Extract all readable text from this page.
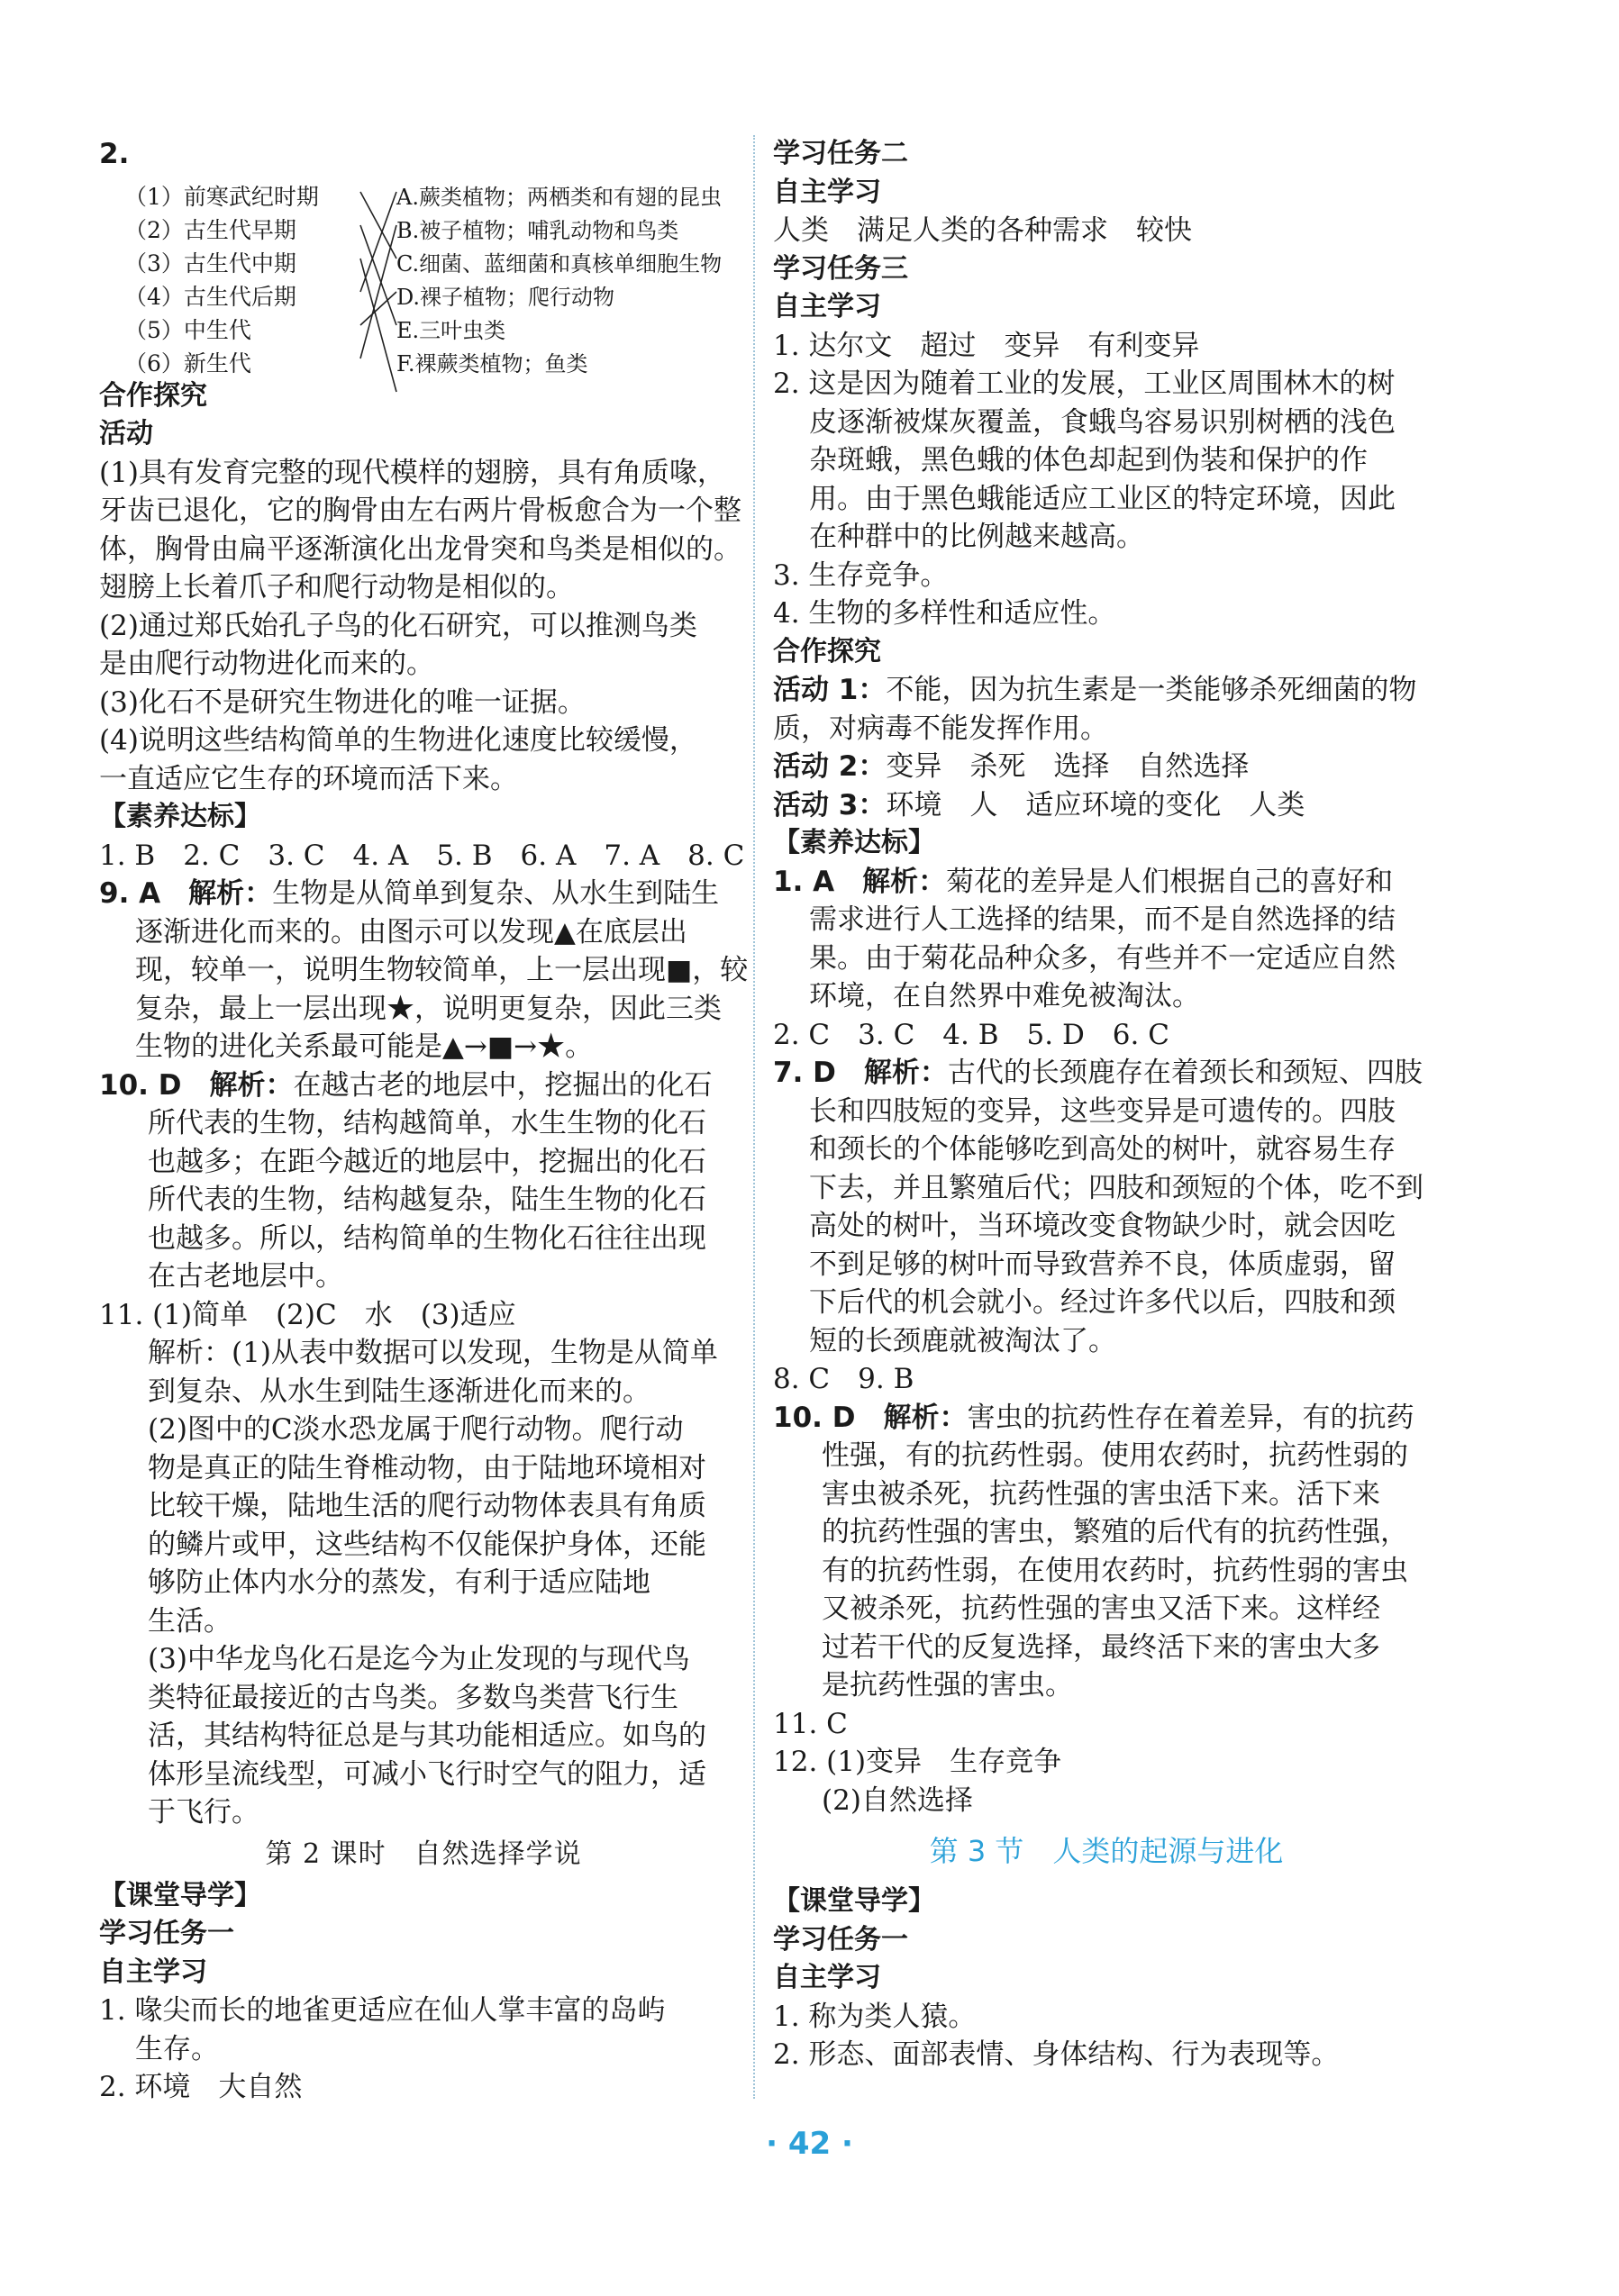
2.
（1）前寒武纪时期
（2）古生代早期
（3）古生代中期
（4）古生代后期
（5）中生代
（6）新生代
A.蕨类植物；两栖类和有翅的昆虫
B.被子植物；哺乳动物和鸟类
C.细菌、蓝细菌和真核单细胞生物
D.裸子植物；爬行动物
E.三叶虫类
F.裸蕨类植物；鱼类
合作探究
活动
(1)具有发育完整的现代模样的翅膀，具有角质喙，
牙齿已退化，它的胸骨由左右两片骨板愈合为一个整
体，胸骨由扁平逐渐演化出龙骨突和鸟类是相似的。
翅膀上长着爪子和爬行动物是相似的。
(2)通过郑氏始孔子鸟的化石研究，可以推测鸟类
是由爬行动物进化而来的。
(3)化石不是研究生物进化的唯一证据。
(4)说明这些结构简单的生物进化速度比较缓慢，
一直适应它生存的环境而活下来。
【素养达标】
1. B　2. C　3. C　4. A　5. B　6. A　7. A　8. C
9. A　解析：生物是从简单到复杂、从水生到陆生
逐渐进化而来的。由图示可以发现▲在底层出
现，较单一，说明生物较简单，上一层出现■，较
复杂，最上一层出现★，说明更复杂，因此三类
生物的进化关系最可能是▲→■→★。
10. D　解析：在越古老的地层中，挖掘出的化石
所代表的生物，结构越简单，水生生物的化石
也越多；在距今越近的地层中，挖掘出的化石
所代表的生物，结构越复杂，陆生生物的化石
也越多。所以，结构简单的生物化石往往出现
在古老地层中。
11. (1)简单　(2)C　水　(3)适应
解析：(1)从表中数据可以发现，生物是从简单
到复杂、从水生到陆生逐渐进化而来的。
(2)图中的C淡水恐龙属于爬行动物。爬行动
物是真正的陆生脊椎动物，由于陆地环境相对
比较干燥，陆地生活的爬行动物体表具有角质
的鳞片或甲，这些结构不仅能保护身体，还能
够防止体内水分的蒸发，有利于适应陆地
生活。
(3)中华龙鸟化石是迄今为止发现的与现代鸟
类特征最接近的古鸟类。多数鸟类营飞行生
活，其结构特征总是与其功能相适应。如鸟的
体形呈流线型，可减小飞行时空气的阻力，适
于飞行。
第 2 课时　自然选择学说
【课堂导学】
学习任务一
自主学习
1. 喙尖而长的地雀更适应在仙人掌丰富的岛屿
生存。
2. 环境　大自然
学习任务二
自主学习
人类　满足人类的各种需求　较快
学习任务三
自主学习
1. 达尔文　超过　变异　有利变异
2. 这是因为随着工业的发展，工业区周围林木的树
皮逐渐被煤灰覆盖，食蛾鸟容易识别树栖的浅色
杂斑蛾，黑色蛾的体色却起到伪装和保护的作
用。由于黑色蛾能适应工业区的特定环境，因此
在种群中的比例越来越高。
3. 生存竞争。
4. 生物的多样性和适应性。
合作探究
活动 1：不能，因为抗生素是一类能够杀死细菌的物
质，对病毒不能发挥作用。
活动 2：变异　杀死　选择　自然选择
活动 3：环境　人　适应环境的变化　人类
【素养达标】
1. A　解析：菊花的差异是人们根据自己的喜好和
需求进行人工选择的结果，而不是自然选择的结
果。由于菊花品种众多，有些并不一定适应自然
环境，在自然界中难免被淘汰。
2. C　3. C　4. B　5. D　6. C
7. D　解析：古代的长颈鹿存在着颈长和颈短、四肢
长和四肢短的变异，这些变异是可遗传的。四肢
和颈长的个体能够吃到高处的树叶，就容易生存
下去，并且繁殖后代；四肢和颈短的个体，吃不到
高处的树叶，当环境改变食物缺少时，就会因吃
不到足够的树叶而导致营养不良，体质虚弱，留
下后代的机会就小。经过许多代以后，四肢和颈
短的长颈鹿就被淘汰了。
8. C　9. B
10. D　解析：害虫的抗药性存在着差异，有的抗药
性强，有的抗药性弱。使用农药时，抗药性弱的
害虫被杀死，抗药性强的害虫活下来。活下来
的抗药性强的害虫，繁殖的后代有的抗药性强，
有的抗药性弱，在使用农药时，抗药性弱的害虫
又被杀死，抗药性强的害虫又活下来。这样经
过若干代的反复选择，最终活下来的害虫大多
是抗药性强的害虫。
11. C
12. (1)变异　生存竞争
(2)自然选择
第 3 节　人类的起源与进化
【课堂导学】
学习任务一
自主学习
1. 称为类人猿。
2. 形态、面部表情、身体结构、行为表现等。
· 42 ·
